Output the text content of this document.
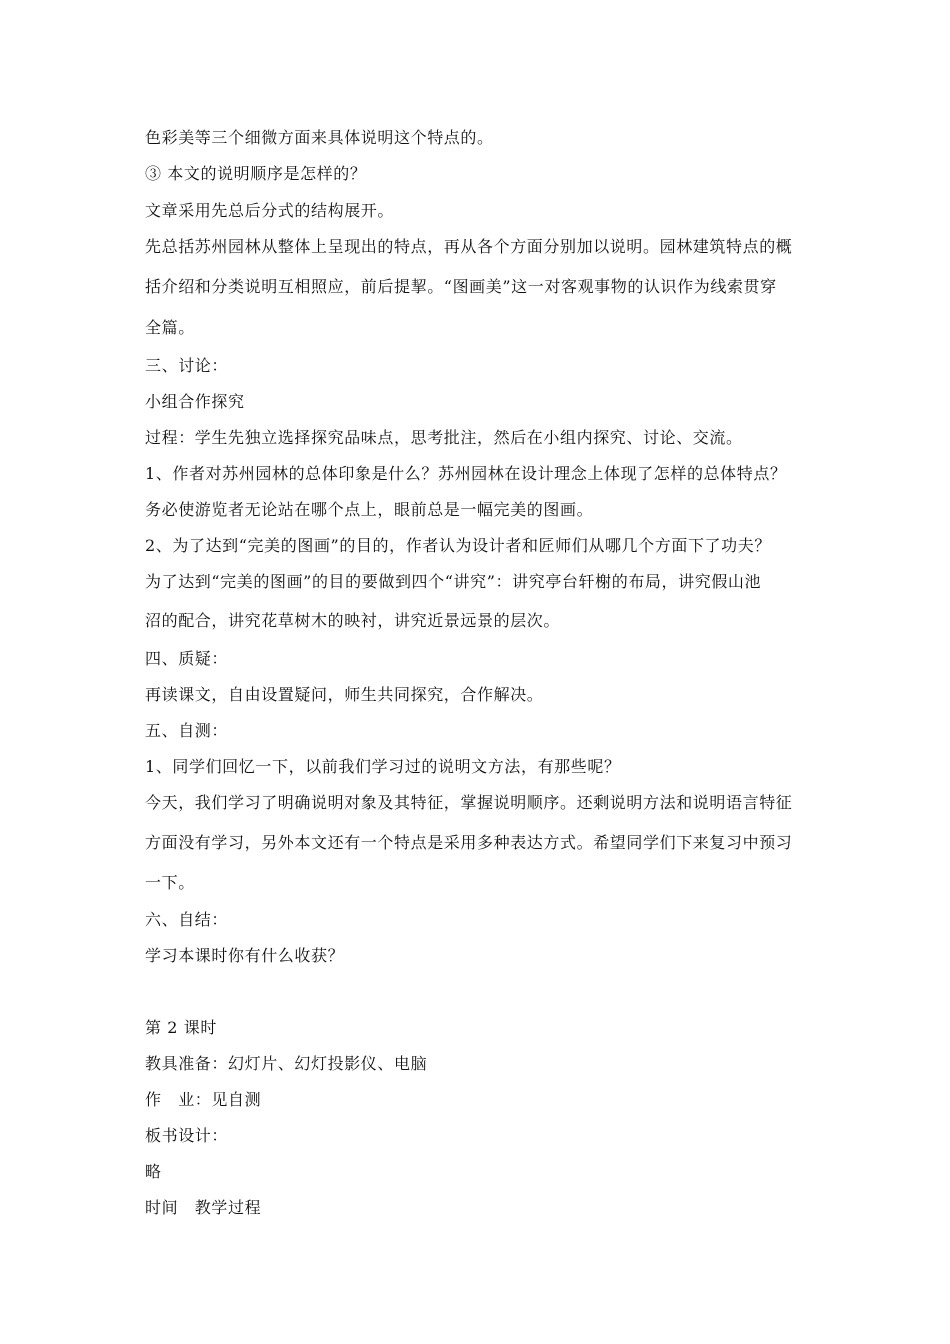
色彩美等三个细微方面来具体说明这个特点的。
③ 本文的说明顺序是怎样的？
文章采用先总后分式的结构展开。
先总括苏州园林从整体上呈现出的特点，再从各个方面分别加以说明。园林建筑特点的概
括介绍和分类说明互相照应，前后提挈。“图画美”这一对客观事物的认识作为线索贯穿
全篇。
三、讨论：
小组合作探究
过程：学生先独立选择探究品味点，思考批注，然后在小组内探究、讨论、交流。
1、作者对苏州园林的总体印象是什么？苏州园林在设计理念上体现了怎样的总体特点？
务必使游览者无论站在哪个点上，眼前总是一幅完美的图画。
2、为了达到“完美的图画”的目的，作者认为设计者和匠师们从哪几个方面下了功夫？
为了达到“完美的图画”的目的要做到四个“讲究”：讲究亭台轩榭的布局，讲究假山池
沼的配合，讲究花草树木的映衬，讲究近景远景的层次。
四、质疑：
再读课文，自由设置疑问，师生共同探究，合作解决。
五、自测：
1、同学们回忆一下，以前我们学习过的说明文方法，有那些呢？
今天，我们学习了明确说明对象及其特征，掌握说明顺序。还剩说明方法和说明语言特征
方面没有学习，另外本文还有一个特点是采用多种表达方式。希望同学们下来复习中预习
一下。
六、自结：
学习本课时你有什么收获？
第 2 课时
教具准备：幻灯片、幻灯投影仪、电脑
作　业：见自测
板书设计：
略
时间　教学过程
